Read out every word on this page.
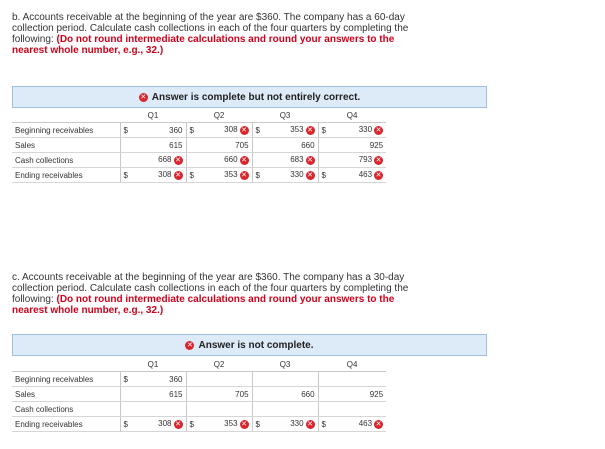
b. Accounts receivable at the beginning of the year are $360. The company has a 60-day collection period. Calculate cash collections in each of the four quarters by completing the following: (Do not round intermediate calculations and round your answers to the nearest whole number, e.g., 32.)
✕ Answer is complete but not entirely correct.
	Q1		Q2		Q3		Q4	
Beginning receivables	$	360	$	308 ✕	$	353 ✕	$	330 ✕
Sales		615		705		660		925
Cash collections		668 ✕		660 ✕		683 ✕		793 ✕
Ending receivables	$	308 ✕	$	353 ✕	$	330 ✕	$	463 ✕
c. Accounts receivable at the beginning of the year are $360. The company has a 30-day collection period. Calculate cash collections in each of the four quarters by completing the following: (Do not round intermediate calculations and round your answers to the nearest whole number, e.g., 32.)
✕ Answer is not complete.
	Q1		Q2		Q3		Q4	
Beginning receivables	$	360						
Sales		615		705		660		925
Cash collections								
Ending receivables	$	308 ✕	$	353 ✕	$	330 ✕	$	463 ✕
